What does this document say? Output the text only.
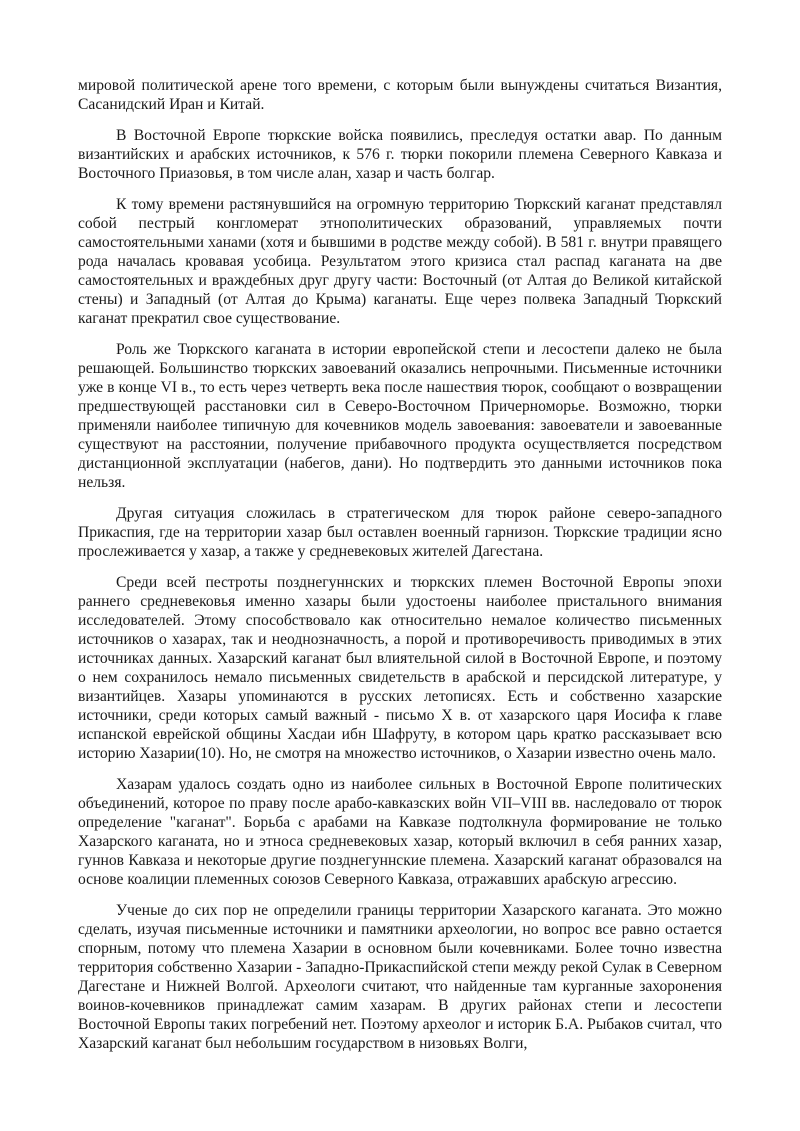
мировой политической арене того времени, с которым были вынуждены считаться Византия, Сасанидский Иран и Китай.

В Восточной Европе тюркские войска появились, преследуя остатки авар. По данным византийских и арабских источников, к 576 г. тюрки покорили племена Северного Кавказа и Восточного Приазовья, в том числе алан, хазар и часть болгар.

К тому времени растянувшийся на огромную территорию Тюркский каганат представлял собой пестрый конгломерат этнополитических образований, управляемых почти самостоятельными ханами (хотя и бывшими в родстве между собой). В 581 г. внутри правящего рода началась кровавая усобица. Результатом этого кризиса стал распад каганата на две самостоятельных и враждебных друг другу части: Восточный (от Алтая до Великой китайской стены) и Западный (от Алтая до Крыма) каганаты. Еще через полвека Западный Тюркский каганат прекратил свое существование.

Роль же Тюркского каганата в истории европейской степи и лесостепи далеко не была решающей. Большинство тюркских завоеваний оказались непрочными. Письменные источники уже в конце VI в., то есть через четверть века после нашествия тюрок, сообщают о возвращении предшествующей расстановки сил в Северо-Восточном Причерноморье. Возможно, тюрки применяли наиболее типичную для кочевников модель завоевания: завоеватели и завоеванные существуют на расстоянии, получение прибавочного продукта осуществляется посредством дистанционной эксплуатации (набегов, дани). Но подтвердить это данными источников пока нельзя.

Другая ситуация сложилась в стратегическом для тюрок районе северо-западного Прикаспия, где на территории хазар был оставлен военный гарнизон. Тюркские традиции ясно прослеживается у хазар, а также у средневековых жителей Дагестана.

Среди всей пестроты позднегуннских и тюркских племен Восточной Европы эпохи раннего средневековья именно хазары были удостоены наиболее пристального внимания исследователей. Этому способствовало как относительно немалое количество письменных источников о хазарах, так и неоднозначность, а порой и противоречивость приводимых в этих источниках данных. Хазарский каганат был влиятельной силой в Восточной Европе, и поэтому о нем сохранилось немало письменных свидетельств в арабской и персидской литературе, у византийцев. Хазары упоминаются в русских летописях. Есть и собственно хазарские источники, среди которых самый важный - письмо X в. от хазарского царя Иосифа к главе испанской еврейской общины Хасдаи ибн Шафруту, в котором царь кратко рассказывает всю историю Хазарии(10). Но, не смотря на множество источников, о Хазарии известно очень мало.

Хазарам удалось создать одно из наиболее сильных в Восточной Европе политических объединений, которое по праву после арабо-кавказских войн VII–VIII вв. наследовало от тюрок определение "каганат". Борьба с арабами на Кавказе подтолкнула формирование не только Хазарского каганата, но и этноса средневековых хазар, который включил в себя ранних хазар, гуннов Кавказа и некоторые другие позднегуннские племена. Хазарский каганат образовался на основе коалиции племенных союзов Северного Кавказа, отражавших арабскую агрессию.

Ученые до сих пор не определили границы территории Хазарского каганата. Это можно сделать, изучая письменные источники и памятники археологии, но вопрос все равно остается спорным, потому что племена Хазарии в основном были кочевниками. Более точно известна территория собственно Хазарии - Западно-Прикаспийской степи между рекой Сулак в Северном Дагестане и Нижней Волгой. Археологи считают, что найденные там курганные захоронения воинов-кочевников принадлежат самим хазарам. В других районах степи и лесостепи Восточной Европы таких погребений нет. Поэтому археолог и историк Б.А. Рыбаков считал, что Хазарский каганат был небольшим государством в низовьях Волги,
